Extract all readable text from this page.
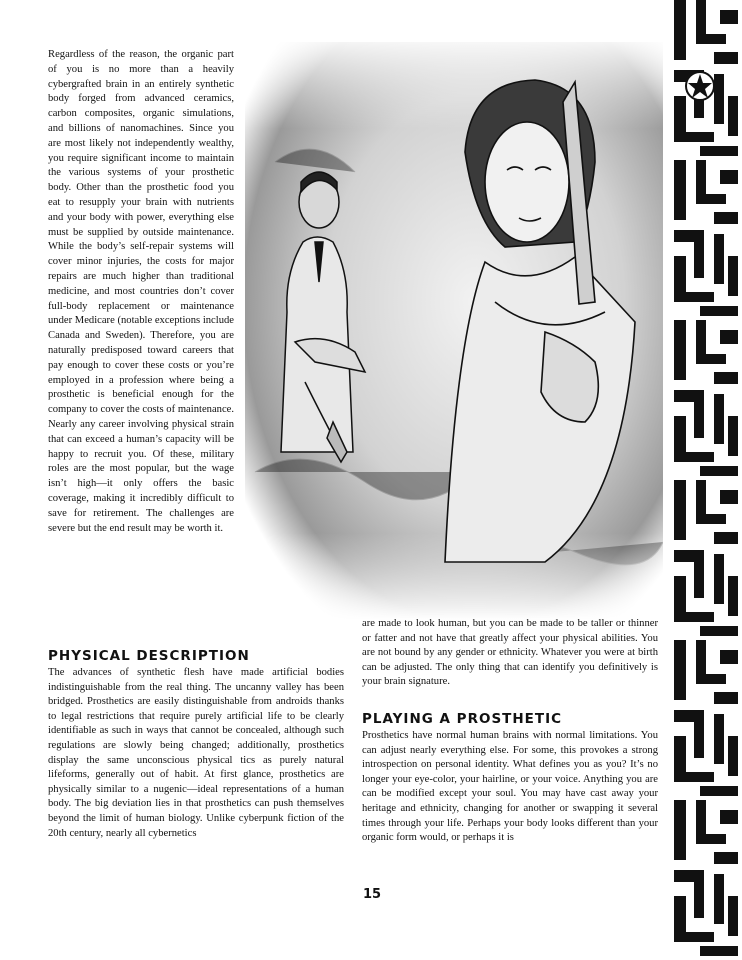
Regardless of the reason, the organic part of you is no more than a heavily cybergrafted brain in an entirely synthetic body forged from advanced ceramics, carbon composites, organic simulations, and billions of nanomachines. Since you are most likely not independently wealthy, you require significant income to maintain the various systems of your prosthetic body. Other than the prosthetic food you eat to resupply your brain with nutrients and your body with power, everything else must be supplied by outside maintenance. While the body’s self-repair systems will cover minor injuries, the costs for major repairs are much higher than traditional medicine, and most countries don’t cover full-body replacement or maintenance under Medicare (notable exceptions include Canada and Sweden). Therefore, you are naturally predisposed toward careers that pay enough to cover these costs or you’re employed in a profession where being a prosthetic is beneficial enough for the company to cover the costs of maintenance. Nearly any career involving physical strain that can exceed a human’s capacity will be happy to recruit you. Of these, military roles are the most popular, but the wage isn’t high—it only offers the basic coverage, making it incredibly difficult to save for retirement. The challenges are severe but the end result may be worth it.

PHYSICAL DESCRIPTION

The advances of synthetic flesh have made artificial bodies indistinguishable from the real thing. The uncanny valley has been bridged. Prosthetics are easily distinguishable from androids thanks to legal restrictions that require purely artificial life to be clearly identifiable as such in ways that cannot be concealed, although such regulations are slowly being changed; additionally, prosthetics display the same unconscious physical tics as purely natural lifeforms, generally out of habit. At first glance, prosthetics are physically similar to a nugenic—ideal representations of a human body. The big deviation lies in that prosthetics can push themselves beyond the limit of human biology. Unlike cyberpunk fiction of the 20th century, nearly all cybernetics

are made to look human, but you can be made to be taller or thinner or fatter and not have that greatly affect your physical abilities. You are not bound by any gender or ethnicity. Whatever you were at birth can be adjusted. The only thing that can identify you definitively is your brain signature.

PLAYING A PROSTHETIC

Prosthetics have normal human brains with normal limitations. You can adjust nearly everything else. For some, this provokes a strong introspection on personal identity. What defines you as you? It’s no longer your eye-color, your hairline, or your voice. Anything you are can be modified except your soul. You may have cast away your heritage and ethnicity, changing for another or swapping it several times through your life. Perhaps your body looks different than your organic form would, or perhaps it is

15
